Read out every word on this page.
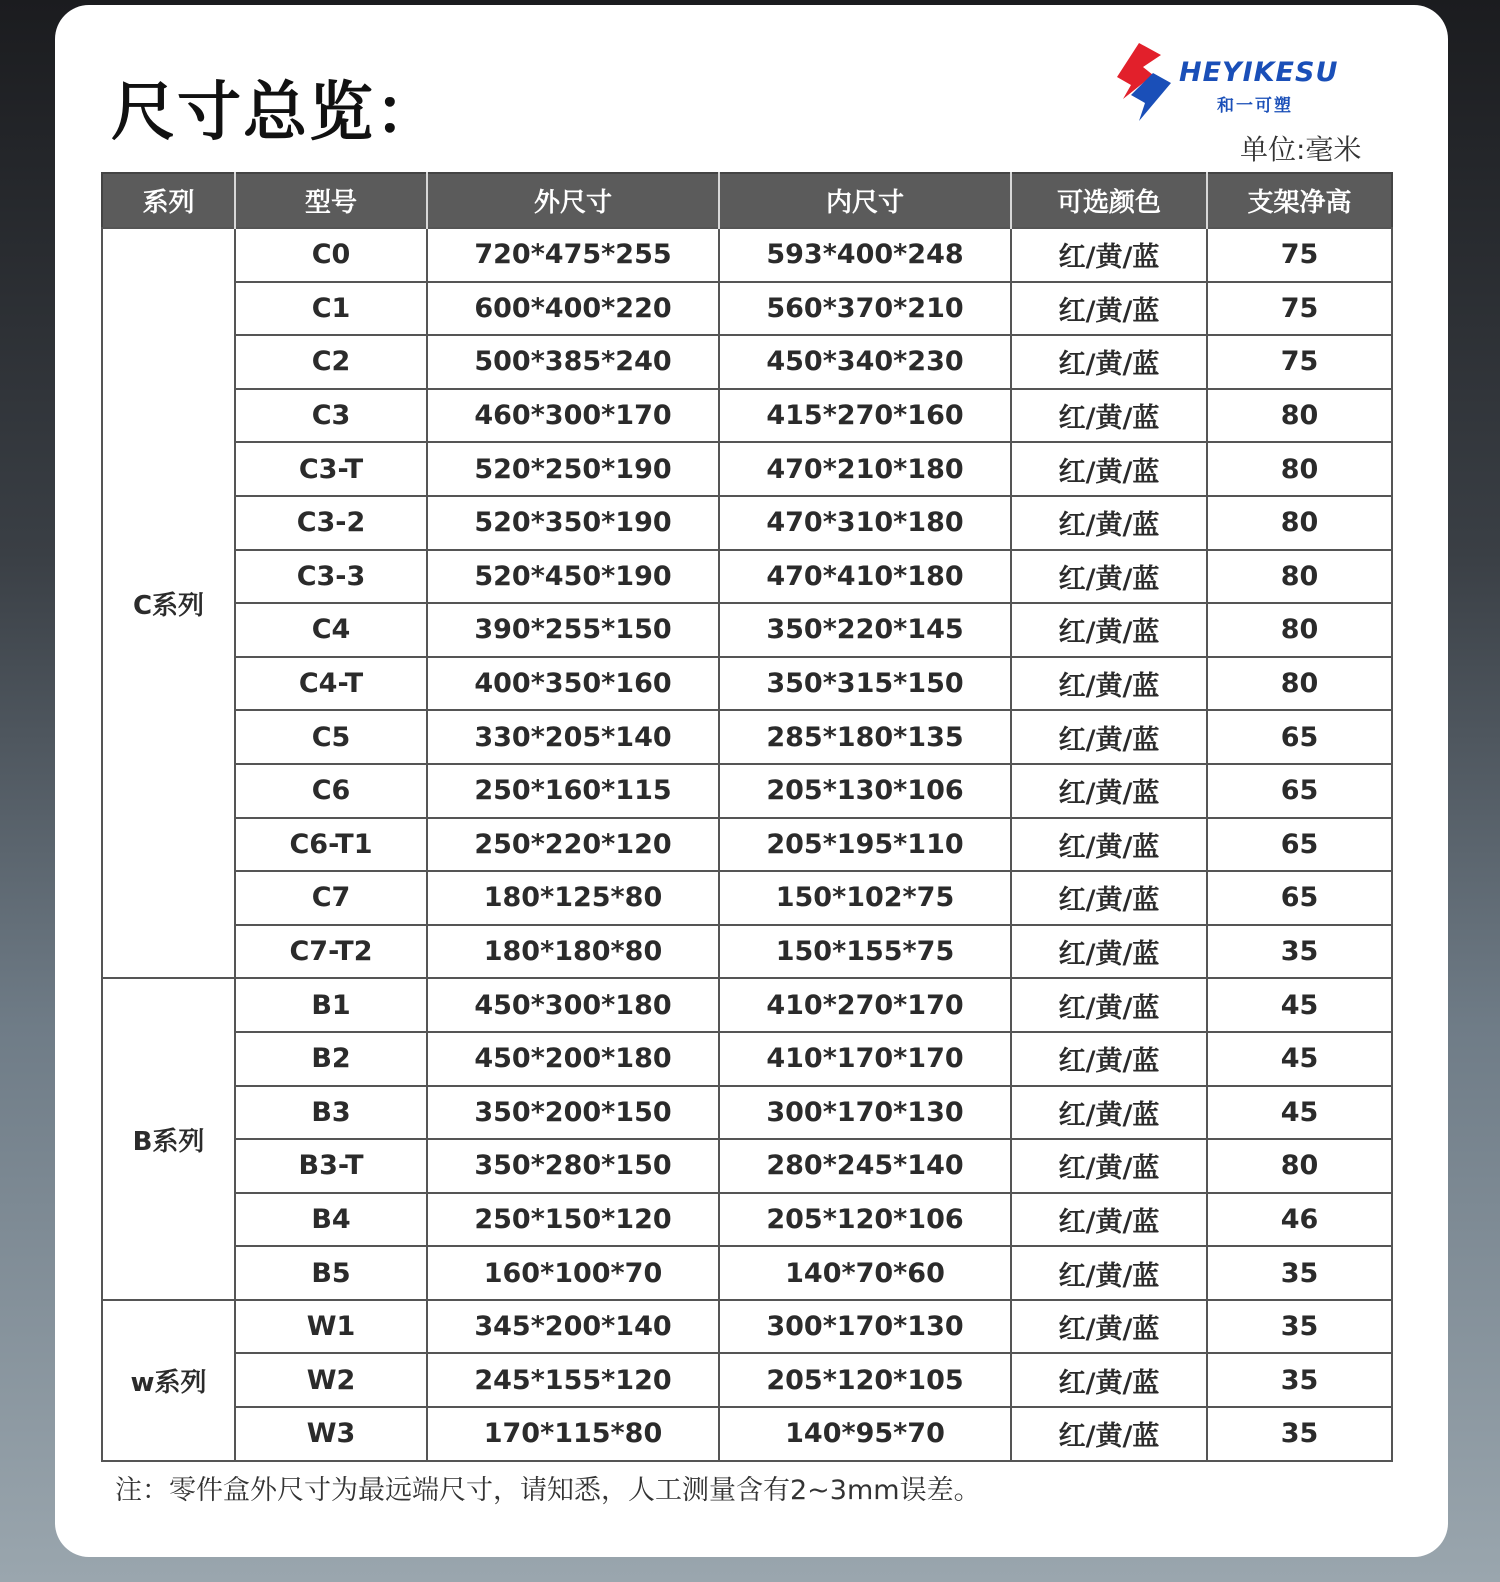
尺寸总览：
HEYIKESU
和一可塑
单位:毫米
系列	型号	外尺寸	内尺寸	可选颜色	支架净高
C系列	C0	720*475*255	593*400*248	红/黄/蓝	75
	C1	600*400*220	560*370*210	红/黄/蓝	75
	C2	500*385*240	450*340*230	红/黄/蓝	75
	C3	460*300*170	415*270*160	红/黄/蓝	80
	C3-T	520*250*190	470*210*180	红/黄/蓝	80
	C3-2	520*350*190	470*310*180	红/黄/蓝	80
	C3-3	520*450*190	470*410*180	红/黄/蓝	80
	C4	390*255*150	350*220*145	红/黄/蓝	80
	C4-T	400*350*160	350*315*150	红/黄/蓝	80
	C5	330*205*140	285*180*135	红/黄/蓝	65
	C6	250*160*115	205*130*106	红/黄/蓝	65
	C6-T1	250*220*120	205*195*110	红/黄/蓝	65
	C7	180*125*80	150*102*75	红/黄/蓝	65
	C7-T2	180*180*80	150*155*75	红/黄/蓝	35
B系列	B1	450*300*180	410*270*170	红/黄/蓝	45
	B2	450*200*180	410*170*170	红/黄/蓝	45
	B3	350*200*150	300*170*130	红/黄/蓝	45
	B3-T	350*280*150	280*245*140	红/黄/蓝	80
	B4	250*150*120	205*120*106	红/黄/蓝	46
	B5	160*100*70	140*70*60	红/黄/蓝	35
w系列	W1	345*200*140	300*170*130	红/黄/蓝	35
	W2	245*155*120	205*120*105	红/黄/蓝	35
	W3	170*115*80	140*95*70	红/黄/蓝	35
注：零件盒外尺寸为最远端尺寸，请知悉，人工测量含有2~3mm误差。
